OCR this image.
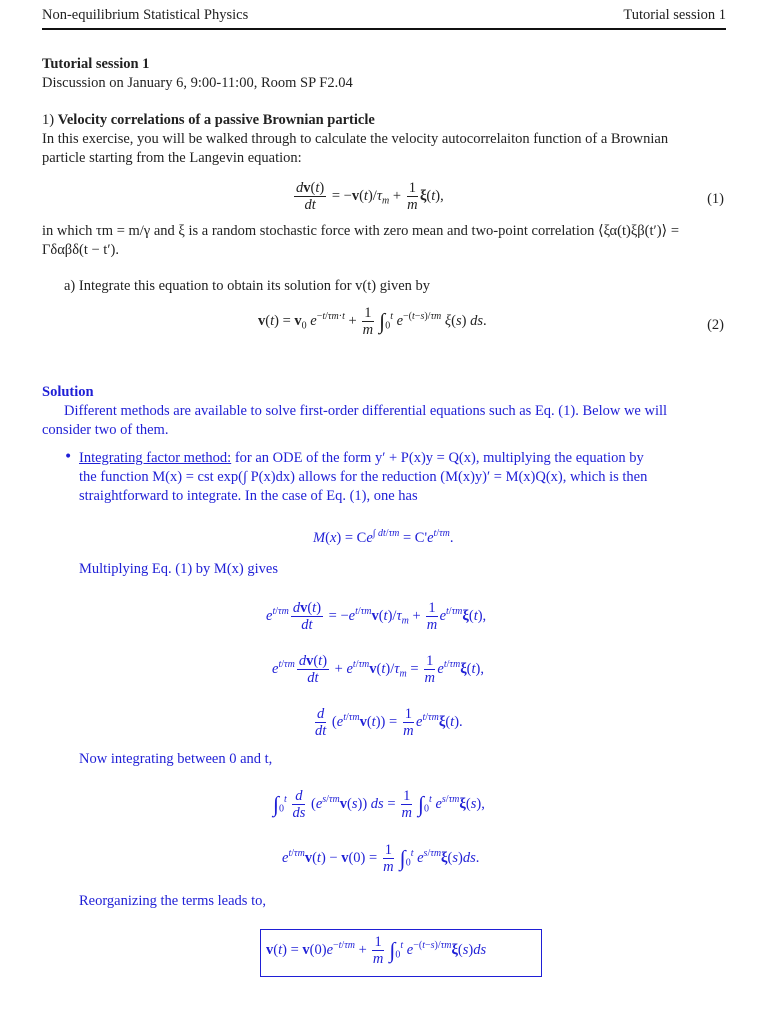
Non-equilibrium Statistical Physics	Tutorial session 1
Tutorial session 1
Discussion on January 6, 9:00-11:00, Room SP F2.04
1) Velocity correlations of a passive Brownian particle
In this exercise, you will be walked through to calculate the velocity autocorrelaiton function of a Brownian
particle starting from the Langevin equation:
$\frac{dv(t)}{dt} = -v(t)/\tau_m + \frac{1}{m} \xi(t)$,	(1)
in which τm = m/γ and ξ is a random stochastic force with zero mean and two-point correlation ⟨ξα(t)ξβ(t′)⟩ =
Γδαβδ(t − t′).
a) Integrate this equation to obtain its solution for v(t) given by
$v(t) = v_0$ $e^{-t/\tau m\cdot t} + \frac{1}{m} \int_0^t$ $e^{-(t-s)/\tau m}$ ξ(s) ds.	(2)
Solution
Different methods are available to solve first-order differential equations such as Eq. (1). Below we will
consider two of them.
• Integrating factor method: for an ODE of the form y′ + P(x)y = Q(x), multiplying the equation by
the function M(x) = cst exp(∫ P(x)dx) allows for the reduction (M(x)y)′ = M(x)Q(x), which is then
straightforward to integrate. In the case of Eq. (1), one has
$M(x) = Ce^{\int dt/\tau m} = C'e^{t/\tau m}$.
Multiplying Eq. (1) by M(x) gives
$e^{t/\tau m} \frac{dv(t)}{dt} = -e^{t/\tau m}v(t)/\tau_m + \frac{1}{m} e^{t/\tau m}\xi(t)$,
$e^{t/\tau m} \frac{dv(t)}{dt} + e^{t/\tau m}v(t)/\tau_m = \frac{1}{m} e^{t/\tau m}\xi(t)$,
$\frac{d}{dt} (e^{t/\tau m}v(t)) = \frac{1}{m} e^{t/\tau m}\xi(t)$.
Now integrating between 0 and t,
$\int_0^t \frac{d}{ds} (e^{s/\tau m}v(s))$ ds = $\frac{1}{m} \int_0^t$ $e^{s/\tau m}\xi(s)$,
$e^{t/\tau m}v(t) - v(0) = \frac{1}{m} \int_0^t$ $e^{s/\tau m}\xi(s)ds$.
Reorganizing the terms leads to,
$v(t) = v(0)e^{-t/\tau m} + \frac{1}{m} \int_0^t$ $e^{-(t-s)/\tau m}\xi(s)ds$
